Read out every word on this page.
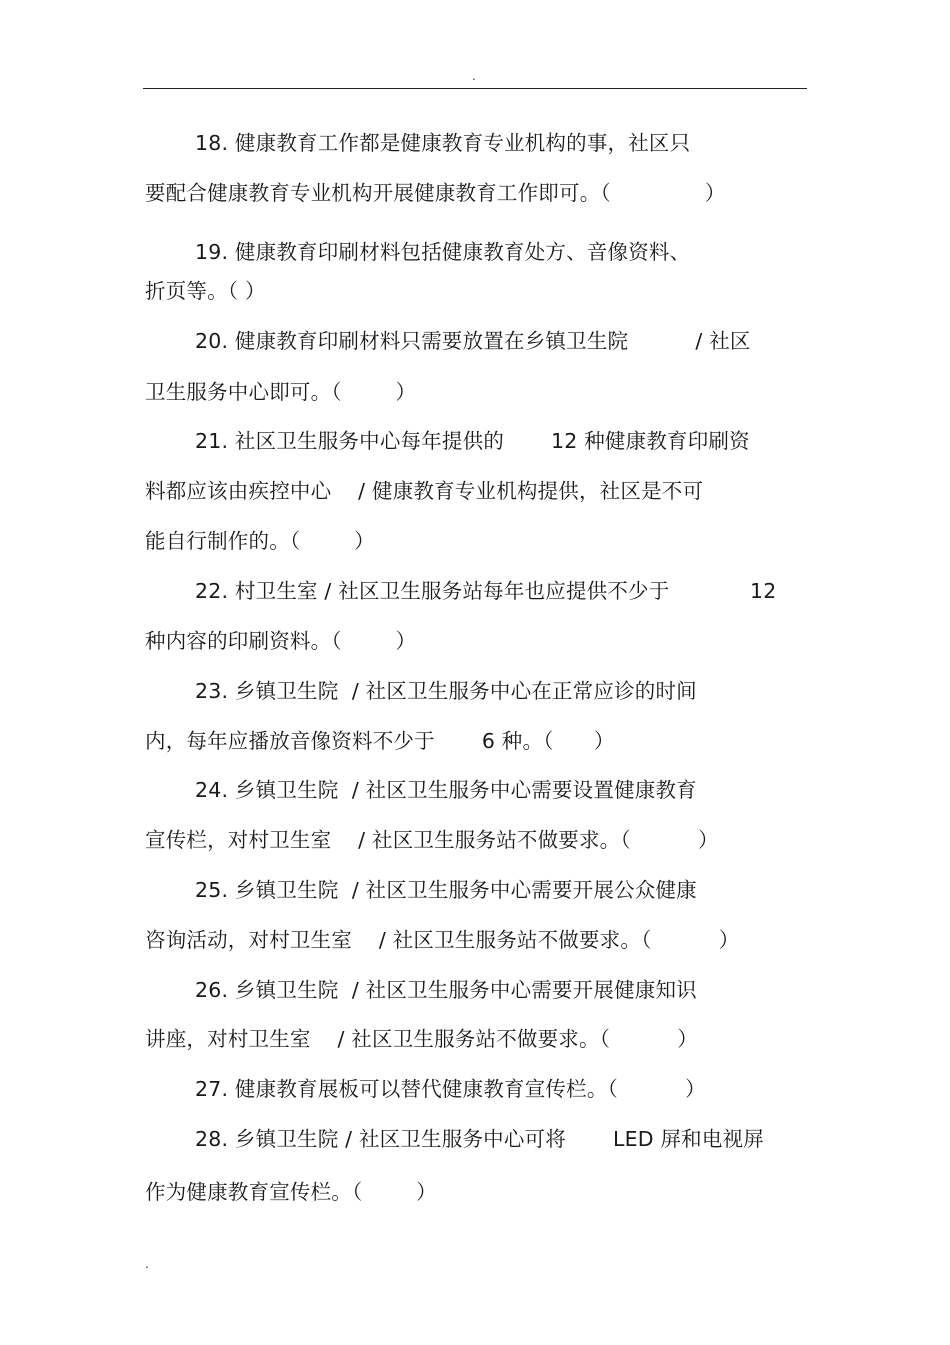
.
18. 健康教育工作都是健康教育专业机构的事，社区只
要配合健康教育专业机构开展健康教育工作即可。（              ）
19. 健康教育印刷材料包括健康教育处方、音像资料、
折页等。（ ）
20. 健康教育印刷材料只需要放置在乡镇卫生院          / 社区
卫生服务中心即可。（        ）
21. 社区卫生服务中心每年提供的       12 种健康教育印刷资
料都应该由疾控中心    / 健康教育专业机构提供，社区是不可
能自行制作的。（        ）
22. 村卫生室 / 社区卫生服务站每年也应提供不少于            12
种内容的印刷资料。（        ）
23. 乡镇卫生院  / 社区卫生服务中心在正常应诊的时间
内，每年应播放音像资料不少于       6 种。（      ）
24. 乡镇卫生院  / 社区卫生服务中心需要设置健康教育
宣传栏，对村卫生室    / 社区卫生服务站不做要求。（          ）
25. 乡镇卫生院  / 社区卫生服务中心需要开展公众健康
咨询活动，对村卫生室    / 社区卫生服务站不做要求。（          ）
26. 乡镇卫生院  / 社区卫生服务中心需要开展健康知识
讲座，对村卫生室    / 社区卫生服务站不做要求。（          ）
27. 健康教育展板可以替代健康教育宣传栏。（          ）
28. 乡镇卫生院 / 社区卫生服务中心可将       LED 屏和电视屏
作为健康教育宣传栏。（        ）
.
